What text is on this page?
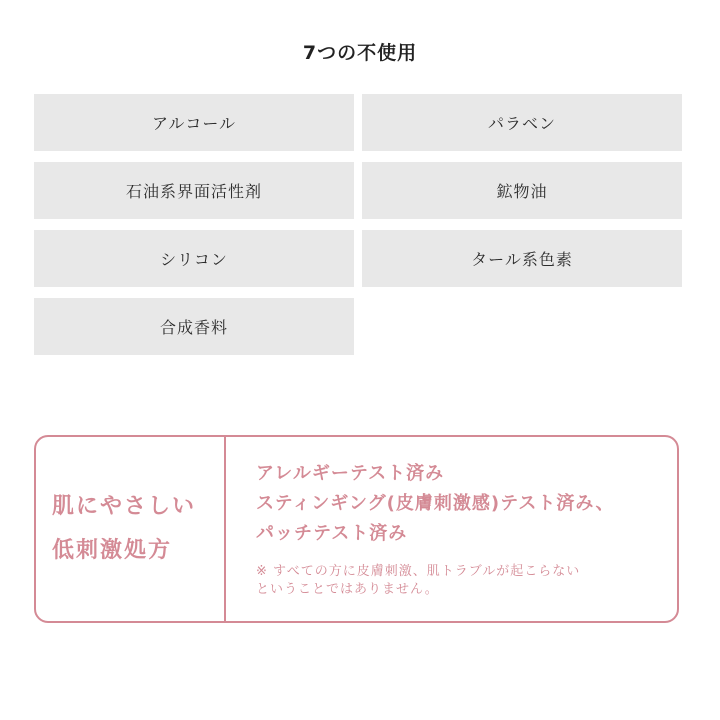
7つの不使用
アルコール	パラベン
石油系界面活性剤	鉱物油
シリコン	タール系色素
合成香料
肌にやさしい
低刺激処方
アレルギーテスト済み
スティンギング(皮膚刺激感)テスト済み、
パッチテスト済み
※ すべての方に皮膚刺激、肌トラブルが起こらない
ということではありません。
